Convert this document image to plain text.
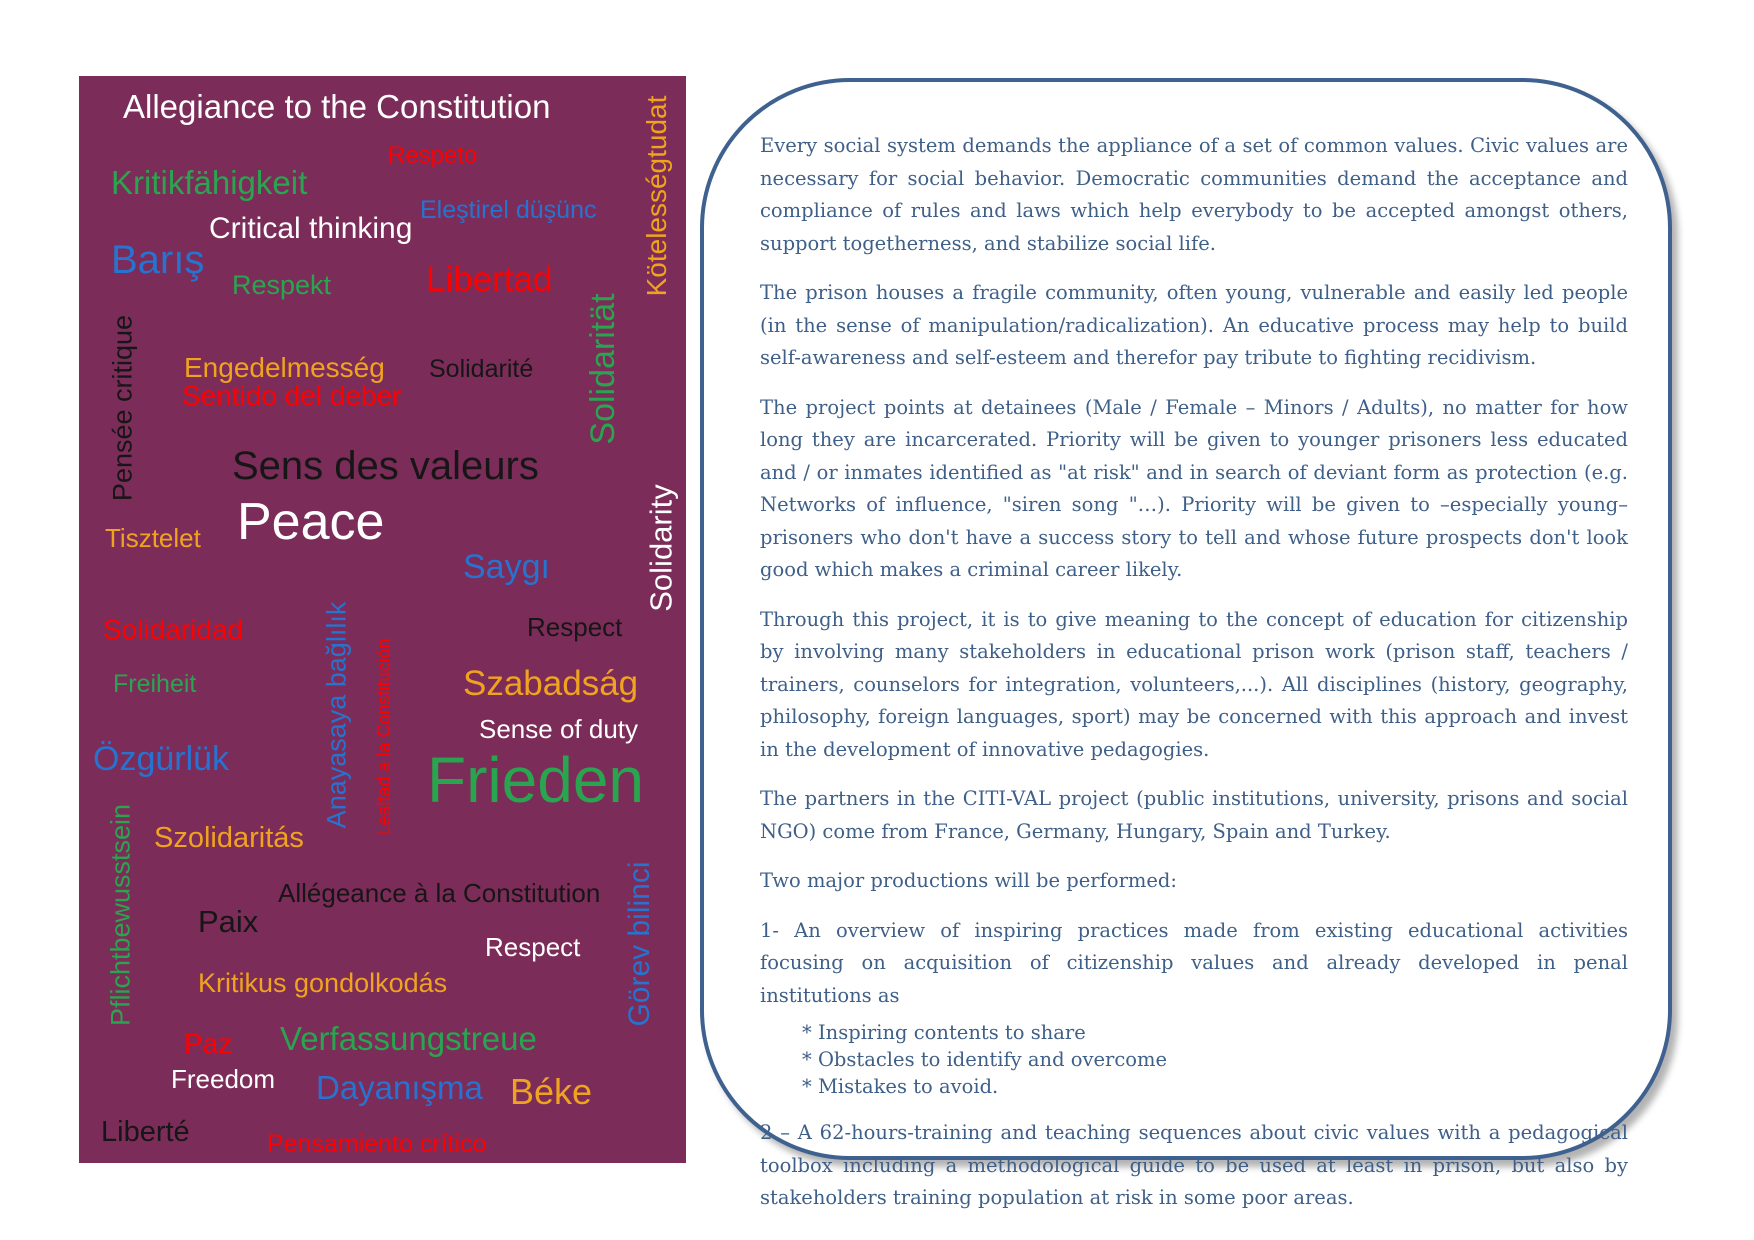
Allegiance to the Constitution
Respeto
Kritikfähigkeit
Eleştirel düşünc
Critical thinking
Barış
Respekt	Libertad
Engedelmesség Solidarité
Sentido del deber
Sens des valeurs
Peace
Tisztelet
Saygı
Solidaridad	Respect
Freiheit	Szabadság
Sense of duty
Özgürlük	Frieden
Szolidaritás
Allégeance à la Constitution
Paix
Respect
Kritikus gondolkodás
Paz Verfassungstreue
Freedom Dayanışma Béke
Liberté	Pensamiento crítico
Pensée critique
Anayasaya bağlılık Lealtad a la Constitución
Pflichtbewusstsein
Kötelességtudat
Solidarität
Solidarity
Görev bilinci

Every social system demands the appliance of a set of common values. Civic values are necessary for social behavior. Democratic communities demand the acceptance and compliance of rules and laws which help everybody to be accepted amongst others, support togetherness, and stabilize social life.

The prison houses a fragile community, often young, vulnerable and easily led people (in the sense of manipulation/radicalization). An educative process may help to build self-awareness and self-esteem and therefor pay tribute to fighting recidivism.

The project points at detainees (Male / Female – Minors / Adults), no matter for how long they are incarcerated. Priority will be given to younger prisoners less educated and / or inmates identified as "at risk" and in search of deviant form as protection (e.g. Networks of influence, "siren song "…). Priority will be given to –especially young– prisoners who don't have a success story to tell and whose future prospects don't look good which makes a criminal career likely.

Through this project, it is to give meaning to the concept of education for citizenship by involving many stakeholders in educational prison work (prison staff, teachers / trainers, counselors for integration, volunteers,...). All disciplines (history, geography, philosophy, foreign languages, sport) may be concerned with this approach and invest in the development of innovative pedagogies.

The partners in the CITI-VAL project (public institutions, university, prisons and social NGO) come from France, Germany, Hungary, Spain and Turkey.

Two major productions will be performed:

1- An overview of inspiring practices made from existing educational activities focusing on acquisition of citizenship values and already developed in penal institutions as

* Inspiring contents to share
* Obstacles to identify and overcome
* Mistakes to avoid.

2 – A 62-hours-training and teaching sequences about civic values with a pedagogical toolbox including a methodological guide to be used at least in prison, but also by stakeholders training population at risk in some poor areas.
